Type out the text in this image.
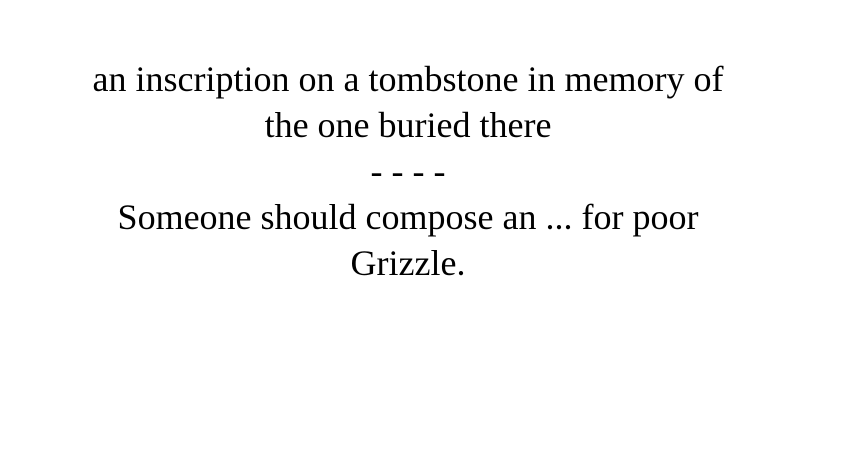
an inscription on a tombstone in memory of
the one buried there
- - - -
Someone should compose an ... for poor
Grizzle.
